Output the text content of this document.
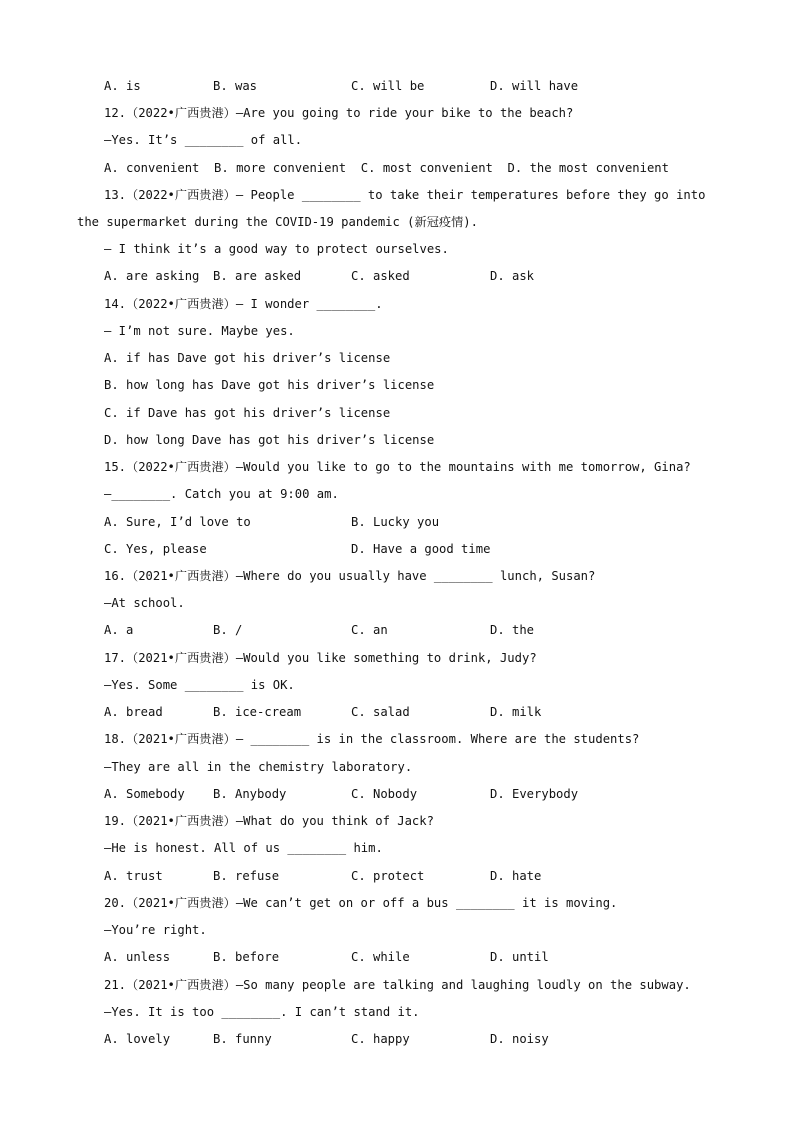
A. is

	B. was

	C. will be

	D. will have

12.（2022•广西贵港）—Are you going to ride your bike to the beach?
—Yes. It’s ________ of all.
A. convenient  B. more convenient  C. most convenient  D. the most convenient
13.（2022•广西贵港）— People ________ to take their temperatures before they go into
the supermarket during the COVID-19 pandemic (新冠疫情).
— I think it’s a good way to protect ourselves.

A. are asking

B. are asked

	C. asked

	D. ask

14.（2022•广西贵港）— I wonder ________.
— I’m not sure. Maybe yes.
A. if has Dave got his driver’s license
B. how long has Dave got his driver’s license
C. if Dave has got his driver’s license
D. how long Dave has got his driver’s license
15.（2022•广西贵港）—Would you like to go to the mountains with me tomorrow, Gina?
—________. Catch you at 9:00 am.

A. Sure, I’d love to

	B. Lucky you

C. Yes, please

	D. Have a good time

16.（2021•广西贵港）—Where do you usually have ________ lunch, Susan?
—At school.

A. a

	B. /

	C. an

	D. the

17.（2021•广西贵港）—Would you like something to drink, Judy?
—Yes. Some ________ is OK.

A. bread

	B. ice-cream

	C. salad

	D. milk

18.（2021•广西贵港）— ________ is in the classroom. Where are the students?
—They are all in the chemistry laboratory.

A. Somebody

B. Anybody

	C. Nobody

	D. Everybody

19.（2021•广西贵港）—What do you think of Jack?
—He is honest. All of us ________ him.

A. trust

	B. refuse

	C. protect

	D. hate

20.（2021•广西贵港）—We can’t get on or off a bus ________ it is moving.
—You’re right.

A. unless

	B. before

	C. while

	D. until

21.（2021•广西贵港）—So many people are talking and laughing loudly on the subway.
—Yes. It is too ________. I can’t stand it.

A. lovely

	B. funny

	C. happy

	D. noisy
